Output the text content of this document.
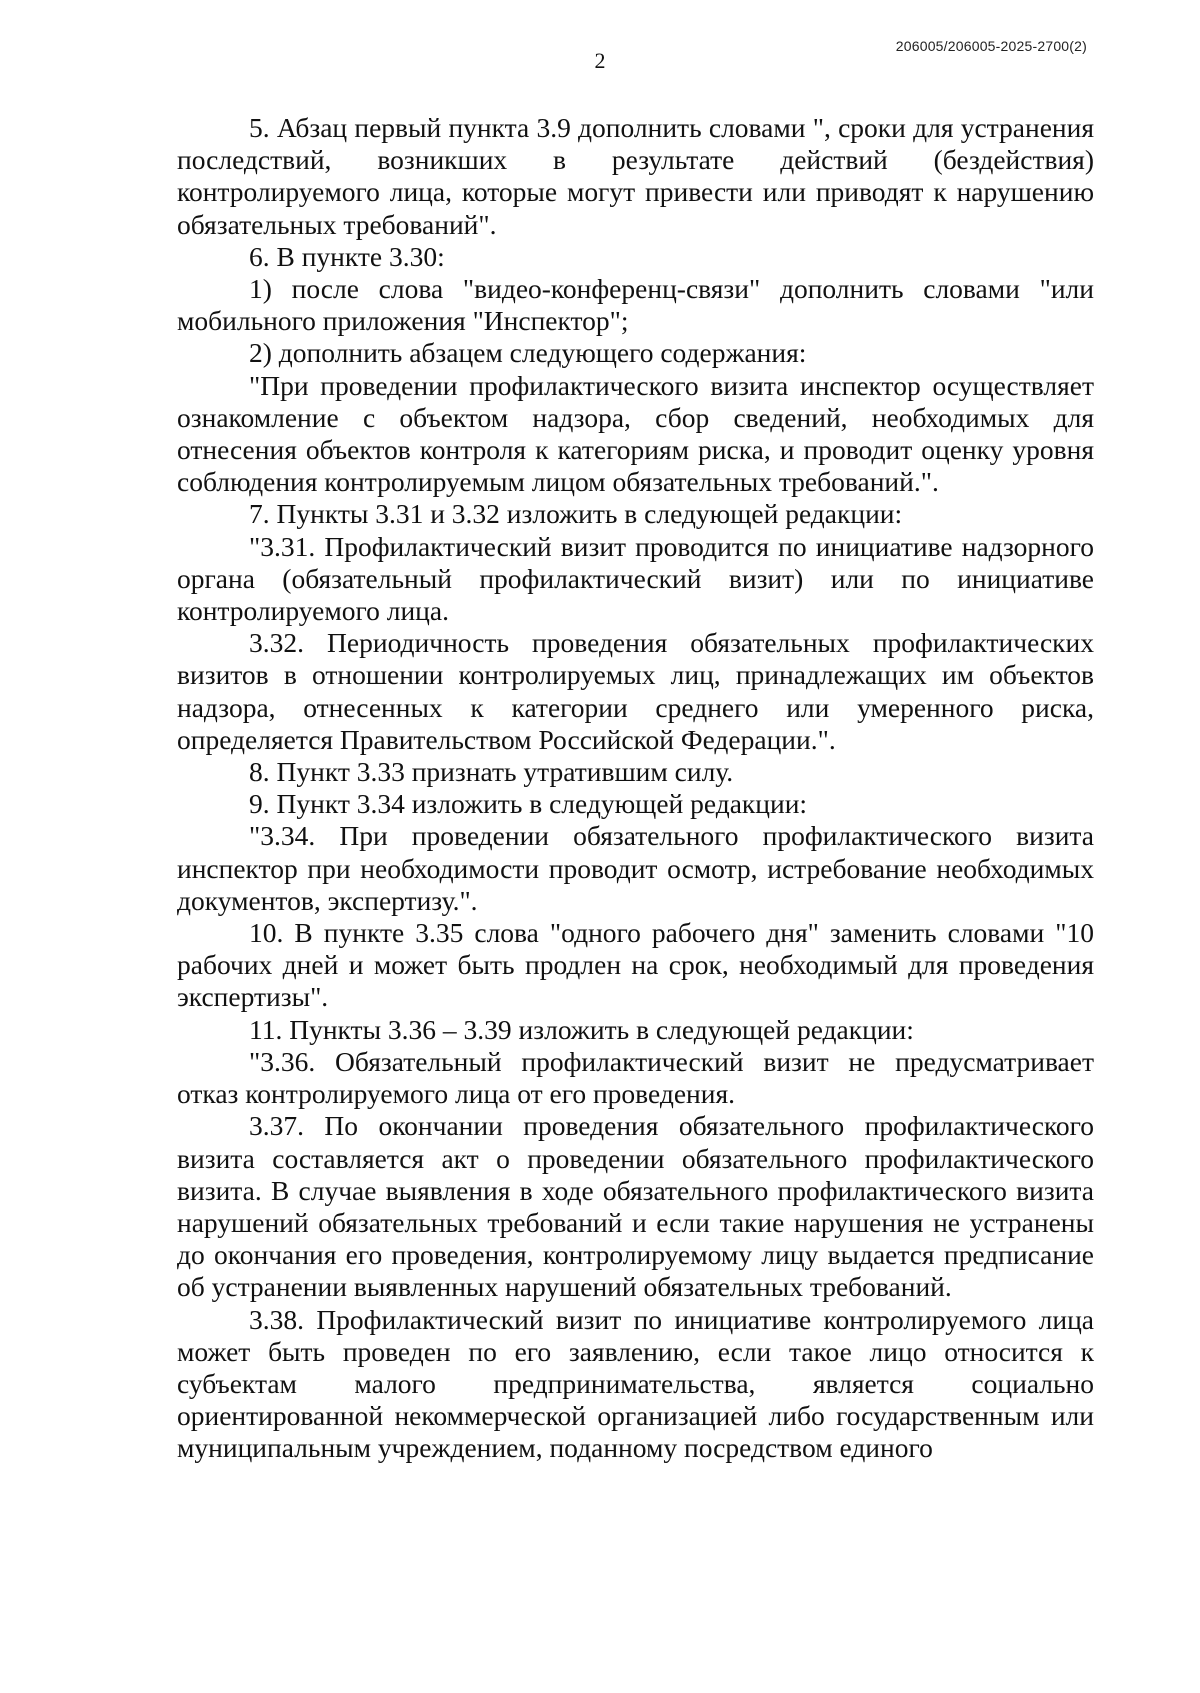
206005/206005-2025-2700(2)
2

5. Абзац первый пункта 3.9 дополнить словами ", сроки для устранения последствий, возникших в результате действий (бездействия) контролируемого лица, которые могут привести или приводят к нарушению обязательных требований".

6. В пункте 3.30:

1) после слова "видео-конференц-связи" дополнить словами "или мобильного приложения "Инспектор";

2) дополнить абзацем следующего содержания:

"При проведении профилактического визита инспектор осуществляет ознакомление с объектом надзора, сбор сведений, необходимых для отнесения объектов контроля к категориям риска, и проводит оценку уровня соблюдения контролируемым лицом обязательных требований.".

7. Пункты 3.31 и 3.32 изложить в следующей редакции:

"3.31. Профилактический визит проводится по инициативе надзорного органа (обязательный профилактический визит) или по инициативе контролируемого лица.

3.32. Периодичность проведения обязательных профилактических визитов в отношении контролируемых лиц, принадлежащих им объектов надзора, отнесенных к категории среднего или умеренного риска, определяется Правительством Российской Федерации.".

8. Пункт 3.33 признать утратившим силу.

9. Пункт 3.34 изложить в следующей редакции:

"3.34. При проведении обязательного профилактического визита инспектор при необходимости проводит осмотр, истребование необходимых документов, экспертизу.".

10. В пункте 3.35 слова "одного рабочего дня" заменить словами "10 рабочих дней и может быть продлен на срок, необходимый для проведения экспертизы".

11. Пункты 3.36 – 3.39 изложить в следующей редакции:

"3.36. Обязательный профилактический визит не предусматривает отказ контролируемого лица от его проведения.

3.37. По окончании проведения обязательного профилактического визита составляется акт о проведении обязательного профилактического визита. В случае выявления в ходе обязательного профилактического визита нарушений обязательных требований и если такие нарушения не устранены до окончания его проведения, контролируемому лицу выдается предписание об устранении выявленных нарушений обязательных требований.

3.38. Профилактический визит по инициативе контролируемого лица может быть проведен по его заявлению, если такое лицо относится к субъектам малого предпринимательства, является социально ориентированной некоммерческой организацией либо государственным или муниципальным учреждением, поданному посредством единого
